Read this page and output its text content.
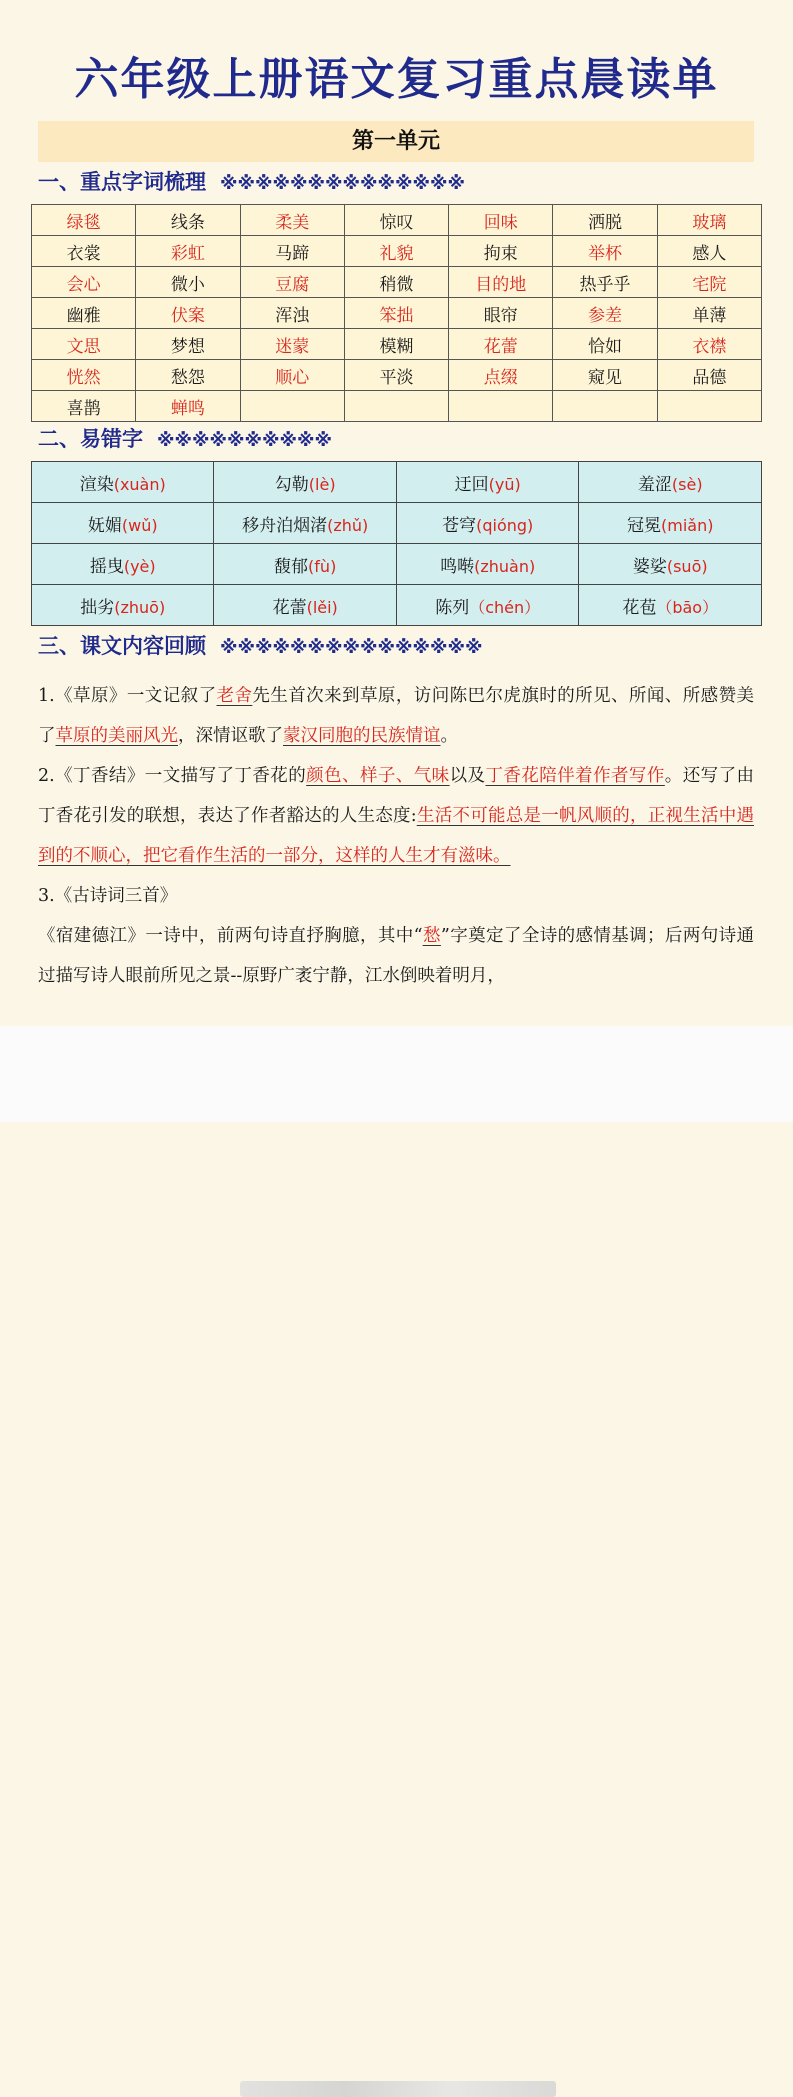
六年级上册语文复习重点晨读单
第一单元
一、重点字词梳理 ※※※※※※※※※※※※※※
绿毯	线条	柔美	惊叹	回味	洒脱	玻璃
衣裳	彩虹	马蹄	礼貌	拘束	举杯	感人
会心	微小	豆腐	稍微	目的地	热乎乎	宅院
幽雅	伏案	浑浊	笨拙	眼帘	参差	单薄
文思	梦想	迷蒙	模糊	花蕾	恰如	衣襟
恍然	愁怨	顺心	平淡	点缀	窥见	品德
喜鹊	蝉鸣					
二、易错字 ※※※※※※※※※※
渲染(xuàn)	勾勒(lè)	迂回(yū)	羞涩(sè)
妩媚(wǔ)	移舟泊烟渚(zhǔ)	苍穹(qióng)	冠冕(miǎn)
摇曳(yè)	馥郁(fù)	鸣啭(zhuàn)	婆娑(suō)
拙劣(zhuō)	花蕾(lěi)	陈列（chén）	花苞（bāo）
三、课文内容回顾 ※※※※※※※※※※※※※※※

1.《草原》一文记叙了老舍先生首次来到草原，访问陈巴尔虎旗时的所见、所闻、所感赞美了草原的美丽风光，深情讴歌了蒙汉同胞的民族情谊。

2.《丁香结》一文描写了丁香花的颜色、样子、气味以及丁香花陪伴着作者写作。还写了由丁香花引发的联想，表达了作者豁达的人生态度:生活不可能总是一帆风顺的，正视生活中遇到的不顺心，把它看作生活的一部分，这样的人生才有滋味。

3.《古诗词三首》

《宿建德江》一诗中，前两句诗直抒胸臆，其中“愁”字奠定了全诗的感情基调；后两句诗通过描写诗人眼前所见之景--原野广袤宁静，江水倒映着明月，
